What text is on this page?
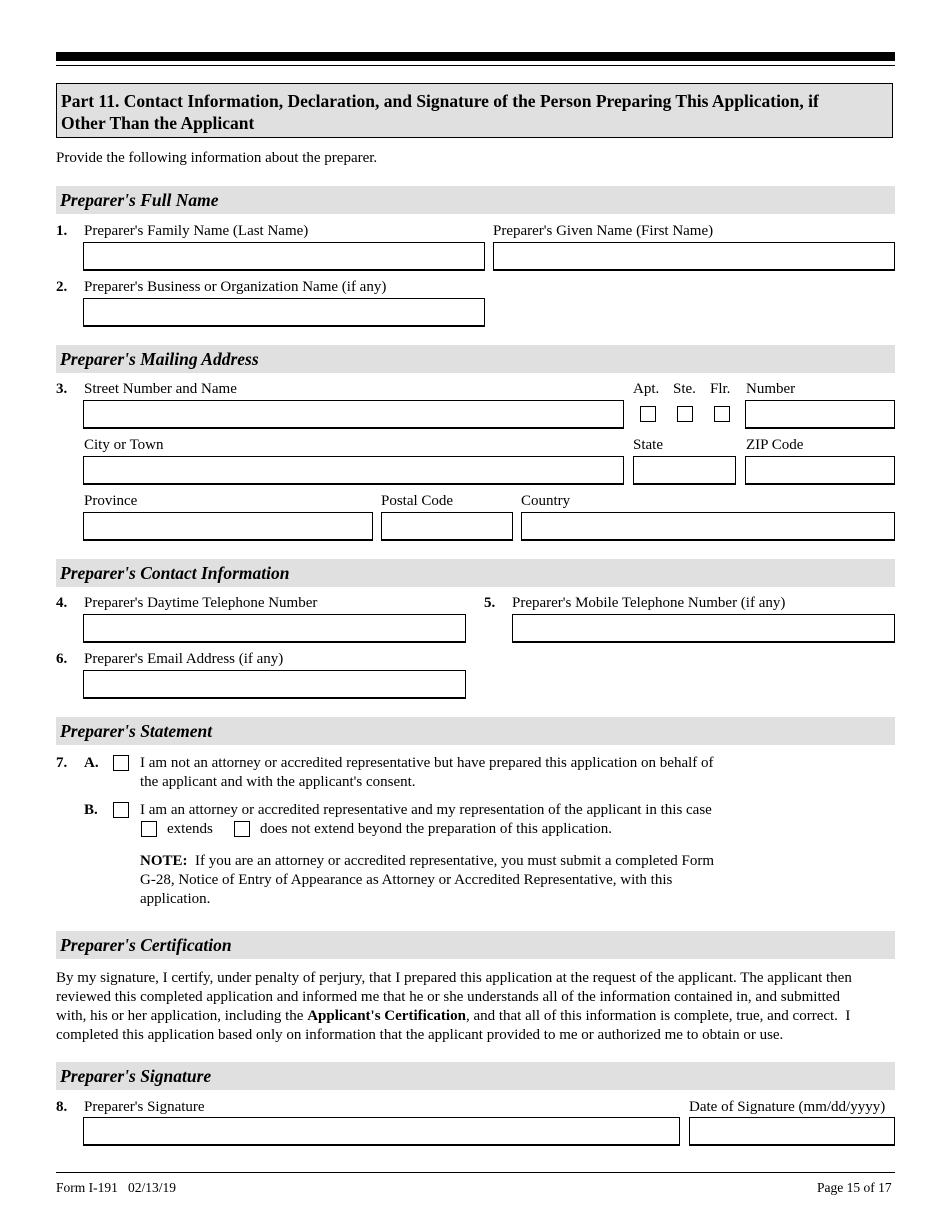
Part 11. Contact Information, Declaration, and Signature of the Person Preparing This Application, if
Other Than the Applicant
Provide the following information about the preparer.
Preparer's Full Name
1. Preparer's Family Name (Last Name)	Preparer's Given Name (First Name)
2. Preparer's Business or Organization Name (if any)
Preparer's Mailing Address
3. Street Number and Name	Apt. Ste. Flr. Number
City or Town	State	ZIP Code
Province	Postal Code	Country
Preparer's Contact Information
4. Preparer's Daytime Telephone Number	5. Preparer's Mobile Telephone Number (if any)
6. Preparer's Email Address (if any)
Preparer's Statement
7. A.	I am not an attorney or accredited representative but have prepared this application on behalf of
the applicant and with the applicant's consent.
B.	I am an attorney or accredited representative and my representation of the applicant in this case
extends	does not extend beyond the preparation of this application.
NOTE:  If you are an attorney or accredited representative, you must submit a completed Form
G-28, Notice of Entry of Appearance as Attorney or Accredited Representative, with this
application.
Preparer's Certification
By my signature, I certify, under penalty of perjury, that I prepared this application at the request of the applicant. The applicant then
reviewed this completed application and informed me that he or she understands all of the information contained in, and submitted
with, his or her application, including the Applicant's Certification, and that all of this information is complete, true, and correct.  I
completed this application based only on information that the applicant provided to me or authorized me to obtain or use.
Preparer's Signature
8. Preparer's Signature	Date of Signature (mm/dd/yyyy)
Form I-191   02/13/19	Page 15 of 17
